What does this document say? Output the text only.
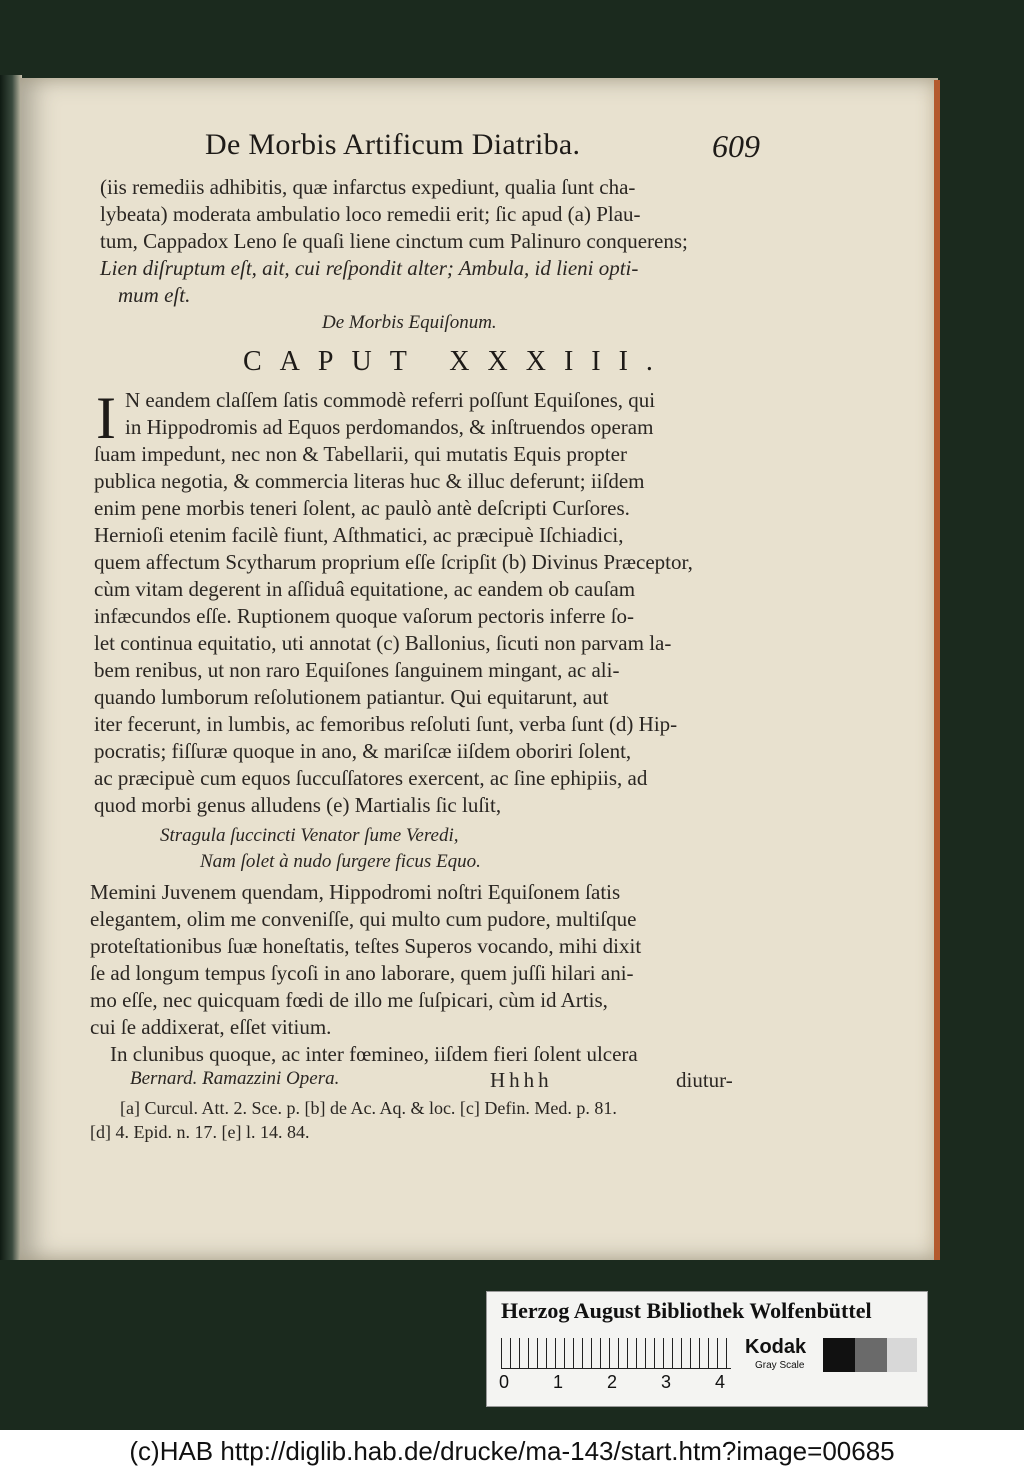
De Morbis Artificum Diatriba.	609
(iis remediis adhibitis, quæ infarctus expediunt, qualia ſunt cha-
lybeata) moderata ambulatio loco remedii erit; ſic apud (a) Plau-
tum, Cappadox Leno ſe quaſi liene cinctum cum Palinuro conquerens;
Lien diſruptum eſt, ait, cui reſpondit alter; Ambula, id lieni opti-
mum eſt.
De Morbis Equiſonum.
CAPUT XXXIII.
I N eandem claſſem ſatis commodè referri poſſunt Equiſones, qui
in Hippodromis ad Equos perdomandos, & inſtruendos operam
ſuam impedunt, nec non & Tabellarii, qui mutatis Equis propter
publica negotia, & commercia literas huc & illuc deferunt; iiſdem
enim pene morbis teneri ſolent, ac paulò antè deſcripti Curſores.
Hernioſi etenim facilè fiunt, Aſthmatici, ac præcipuè Iſchiadici,
quem affectum Scytharum proprium eſſe ſcripſit (b) Divinus Præceptor,
cùm vitam degerent in aſſiduâ equitatione, ac eandem ob cauſam
infæcundos eſſe. Ruptionem quoque vaſorum pectoris inferre ſo-
let continua equitatio, uti annotat (c) Ballonius, ſicuti non parvam la-
bem renibus, ut non raro Equiſones ſanguinem mingant, ac ali-
quando lumborum reſolutionem patiantur. Qui equitarunt, aut
iter fecerunt, in lumbis, ac femoribus reſoluti ſunt, verba ſunt (d) Hip-
pocratis; fiſſuræ quoque in ano, & mariſcæ iiſdem oboriri ſolent,
ac præcipuè cum equos ſuccuſſatores exercent, ac ſine ephipiis, ad
quod morbi genus alludens (e) Martialis ſic luſit,
Stragula ſuccincti Venator ſume Veredi,
Nam ſolet à nudo ſurgere ficus Equo.
Memini Juvenem quendam, Hippodromi noſtri Equiſonem ſatis
elegantem, olim me conveniſſe, qui multo cum pudore, multiſque
proteſtationibus ſuæ honeſtatis, teſtes Superos vocando, mihi dixit
ſe ad longum tempus ſycoſi in ano laborare, quem juſſi hilari ani-
mo eſſe, nec quicquam fœdi de illo me ſuſpicari, cùm id Artis,
cui ſe addixerat, eſſet vitium.
In clunibus quoque, ac inter fœmineo, iiſdem fieri ſolent ulcera
Bernard. Ramazzini Opera.	Hhhh	diutur-
[a] Curcul. Att. 2. Sce. p. [b] de Ac. Aq. & loc. [c] Defin. Med. p. 81.
[d] 4. Epid. n. 17. [e] l. 14. 84.
Herzog August Bibliothek Wolfenbüttel
0 1 2 3 4
Kodak
Gray Scale
(c)HAB http://diglib.hab.de/drucke/ma-143/start.htm?image=00685
